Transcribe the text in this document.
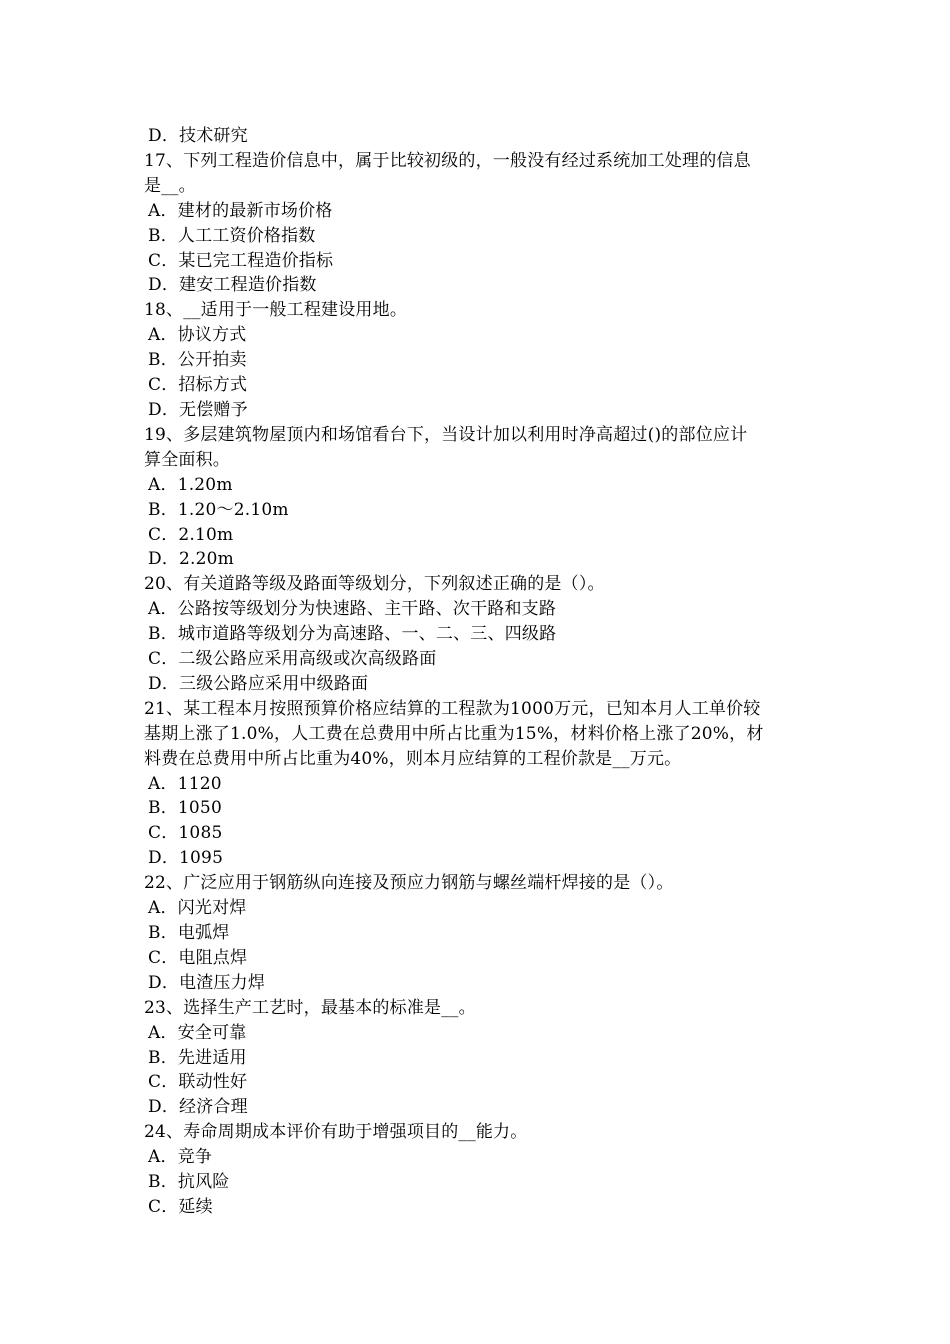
D．技术研究
17、下列工程造价信息中，属于比较初级的，一般没有经过系统加工处理的信息
是__。
A．建材的最新市场价格
B．人工工资价格指数
C．某已完工程造价指标
D．建安工程造价指数
18、__适用于一般工程建设用地。
A．协议方式
B．公开拍卖
C．招标方式
D．无偿赠予
19、多层建筑物屋顶内和场馆看台下，当设计加以利用时净高超过()的部位应计
算全面积。
A．1.20m
B．1.20～2.10m
C．2.10m
D．2.20m
20、有关道路等级及路面等级划分，下列叙述正确的是（）。
A．公路按等级划分为快速路、主干路、次干路和支路
B．城市道路等级划分为高速路、一、二、三、四级路
C．二级公路应采用高级或次高级路面
D．三级公路应采用中级路面
21、某工程本月按照预算价格应结算的工程款为1000万元，已知本月人工单价较
基期上涨了1.0%，人工费在总费用中所占比重为15%，材料价格上涨了20%，材
料费在总费用中所占比重为40%，则本月应结算的工程价款是__万元。
A．1120
B．1050
C．1085
D．1095
22、广泛应用于钢筋纵向连接及预应力钢筋与螺丝端杆焊接的是（）。
A．闪光对焊
B．电弧焊
C．电阻点焊
D．电渣压力焊
23、选择生产工艺时，最基本的标准是__。
A．安全可靠
B．先进适用
C．联动性好
D．经济合理
24、寿命周期成本评价有助于增强项目的__能力。
A．竞争
B．抗风险
C．延续
